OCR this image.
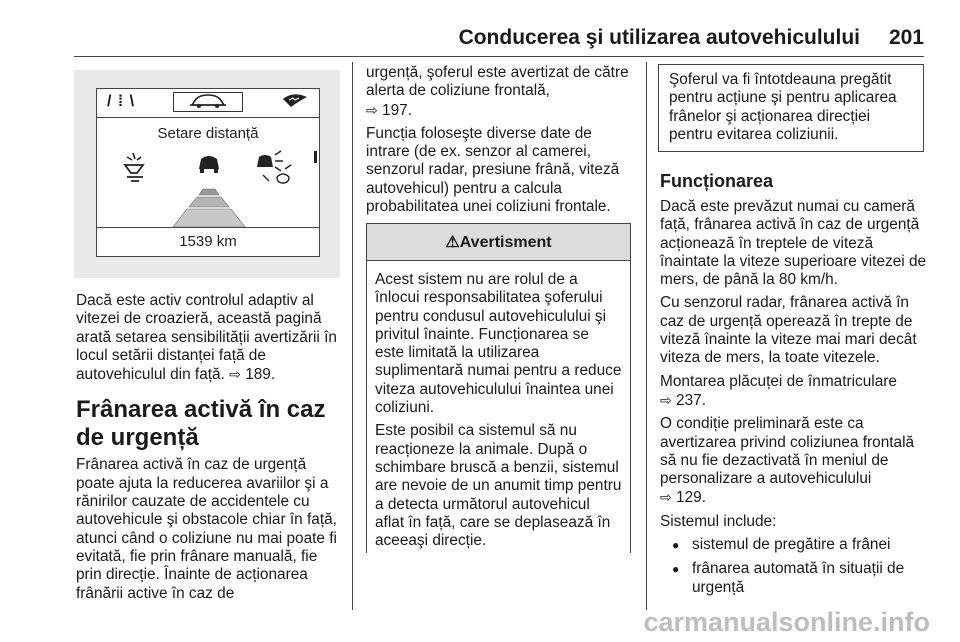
Conducerea şi utilizarea autovehiculului 201
/ ⁞ \
Setare distanță
1539 km

Dacă este activ controlul adaptiv al vitezei de croazieră, această pagină arată setarea sensibilității avertizării în locul setării distanței față de autovehiculul din față. ⇨ 189.

Frânarea activă în caz de urgență

Frânarea activă în caz de urgență poate ajuta la reducerea avariilor şi a rănirilor cauzate de accidentele cu autovehicule şi obstacole chiar în față, atunci când o coliziune nu mai poate fi evitată, fie prin frânare manuală, fie prin direcție. Înainte de acționarea frânării active în caz de

urgență, şoferul este avertizat de către alerta de coliziune frontală,
⇨ 197.

Funcția foloseşte diverse date de intrare (de ex. senzor al camerei, senzorul radar, presiune frână, viteză autovehicul) pentru a calcula probabilitatea unei coliziuni frontale.

⚠Avertisment

Acest sistem nu are rolul de a înlocui responsabilitatea şoferului pentru condusul autovehiculului şi privitul înainte. Funcționarea se este limitată la utilizarea suplimentară numai pentru a reduce viteza autovehiculului înaintea unei coliziuni.

Este posibil ca sistemul să nu reacționeze la animale. După o schimbare bruscă a benzii, sistemul are nevoie de un anumit timp pentru a detecta următorul autovehicul aflat în față, care se deplasează în aceeaşi direcție.

Şoferul va fi întotdeauna pregătit pentru acțiune şi pentru aplicarea frânelor şi acționarea direcției pentru evitarea coliziunii.
Funcționarea

Dacă este prevăzut numai cu cameră față, frânarea activă în caz de urgență acționează în treptele de viteză înaintate la viteze superioare vitezei de mers, de până la 80 km/h.

Cu senzorul radar, frânarea activă în caz de urgență operează în trepte de viteză înainte la viteze mai mari decât viteza de mers, la toate vitezele.

Montarea plăcuței de înmatriculare
⇨ 237.

O condiție preliminară este ca avertizarea privind coliziunea frontală să nu fie dezactivată în meniul de personalizare a autovehiculului
⇨ 129.

Sistemul include:

● sistemul de pregătire a frânei
● frânarea automată în situații de urgență
carmanualsonline.info
